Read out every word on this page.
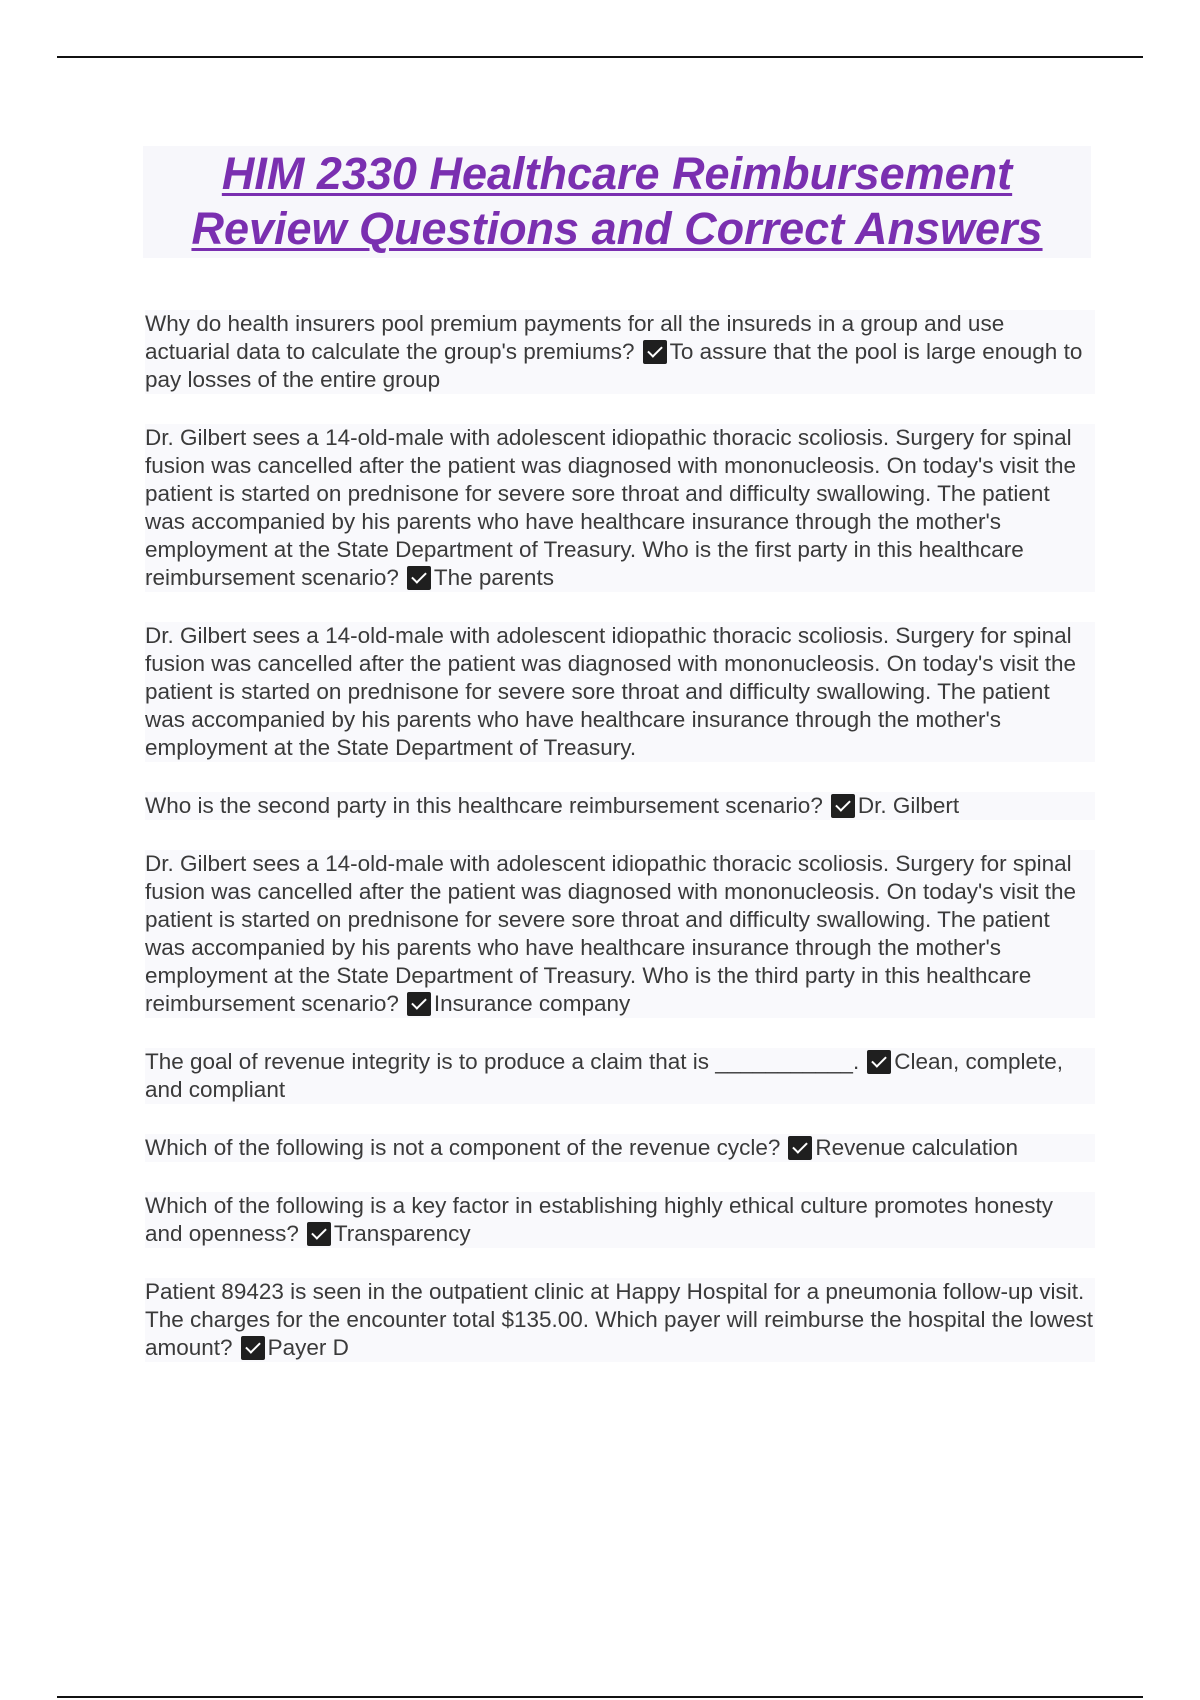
HIM 2330 Healthcare Reimbursement
Review Questions and Correct Answers

Why do health insurers pool premium payments for all the insureds in a group and use actuarial data to calculate the group's premiums? To assure that the pool is large enough to pay losses of the entire group

Dr. Gilbert sees a 14-old-male with adolescent idiopathic thoracic scoliosis. Surgery for spinal fusion was cancelled after the patient was diagnosed with mononucleosis. On today's visit the patient is started on prednisone for severe sore throat and difficulty swallowing. The patient was accompanied by his parents who have healthcare insurance through the mother's employment at the State Department of Treasury. Who is the first party in this healthcare reimbursement scenario? The parents

Dr. Gilbert sees a 14-old-male with adolescent idiopathic thoracic scoliosis. Surgery for spinal fusion was cancelled after the patient was diagnosed with mononucleosis. On today's visit the patient is started on prednisone for severe sore throat and difficulty swallowing. The patient was accompanied by his parents who have healthcare insurance through the mother's employment at the State Department of Treasury.

Who is the second party in this healthcare reimbursement scenario? Dr. Gilbert

Dr. Gilbert sees a 14-old-male with adolescent idiopathic thoracic scoliosis. Surgery for spinal fusion was cancelled after the patient was diagnosed with mononucleosis. On today's visit the patient is started on prednisone for severe sore throat and difficulty swallowing. The patient was accompanied by his parents who have healthcare insurance through the mother's employment at the State Department of Treasury. Who is the third party in this healthcare reimbursement scenario? Insurance company

The goal of revenue integrity is to produce a claim that is ___________. Clean, complete, and compliant

Which of the following is not a component of the revenue cycle? Revenue calculation

Which of the following is a key factor in establishing highly ethical culture promotes honesty and openness? Transparency

Patient 89423 is seen in the outpatient clinic at Happy Hospital for a pneumonia follow-up visit. The charges for the encounter total $135.00. Which payer will reimburse the hospital the lowest amount? Payer D
